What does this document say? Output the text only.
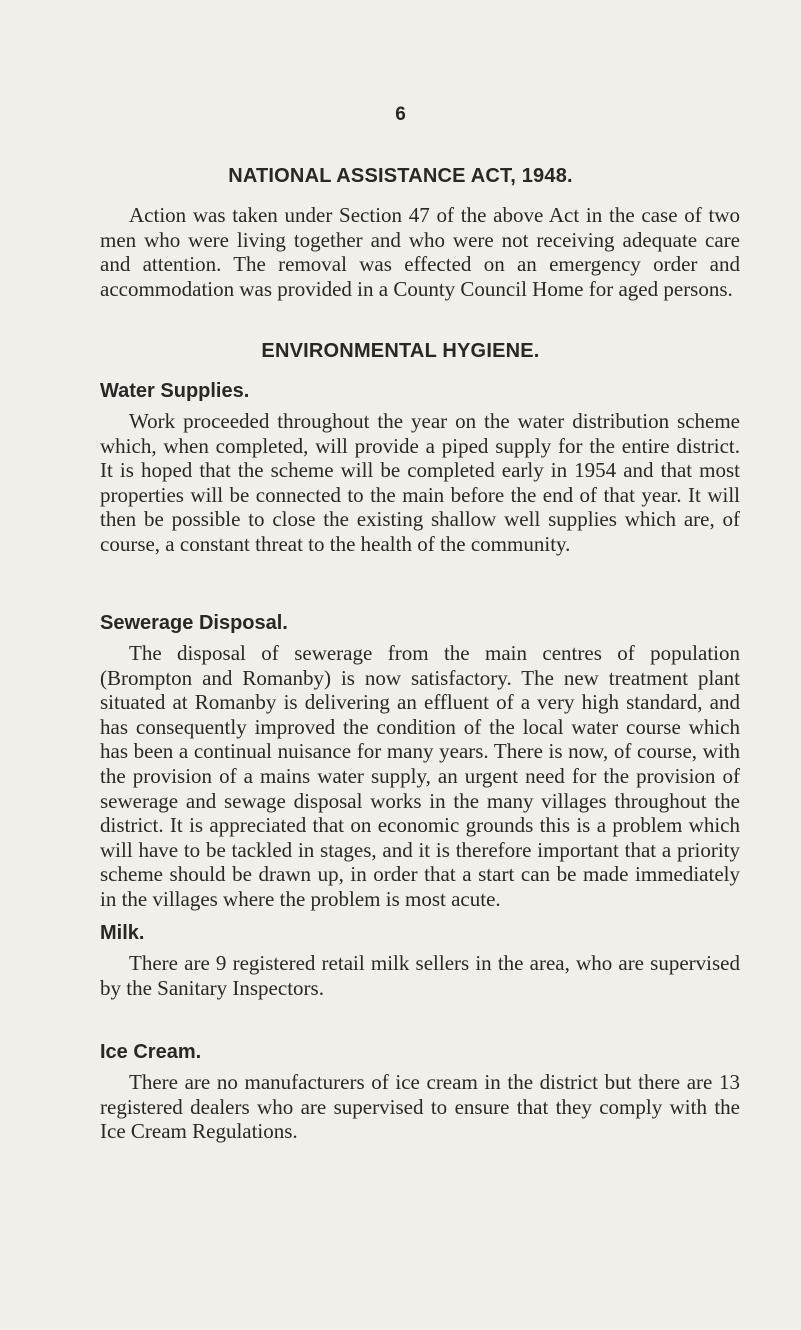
6
NATIONAL ASSISTANCE ACT, 1948.

Action was taken under Section 47 of the above Act in the case of two men who were living together and who were not receiving adequate care and attention. The removal was effected on an emergency order and accommodation was provided in a County Council Home for aged persons.

ENVIRONMENTAL HYGIENE.
Water Supplies.

Work proceeded throughout the year on the water distribution scheme which, when completed, will provide a piped supply for the entire district. It is hoped that the scheme will be completed early in 1954 and that most properties will be connected to the main before the end of that year. It will then be possible to close the existing shallow well supplies which are, of course, a constant threat to the health of the community.

Sewerage Disposal.

The disposal of sewerage from the main centres of population (Brompton and Romanby) is now satisfactory. The new treatment plant situated at Romanby is delivering an effluent of a very high standard, and has consequently improved the condition of the local water course which has been a continual nuisance for many years. There is now, of course, with the provision of a mains water supply, an urgent need for the provision of sewerage and sewage disposal works in the many villages throughout the district. It is appreciated that on economic grounds this is a problem which will have to be tackled in stages, and it is therefore important that a priority scheme should be drawn up, in order that a start can be made immediately in the villages where the problem is most acute.

Milk.

There are 9 registered retail milk sellers in the area, who are supervised by the Sanitary Inspectors.

Ice Cream.

There are no manufacturers of ice cream in the district but there are 13 registered dealers who are supervised to ensure that they comply with the Ice Cream Regulations.
